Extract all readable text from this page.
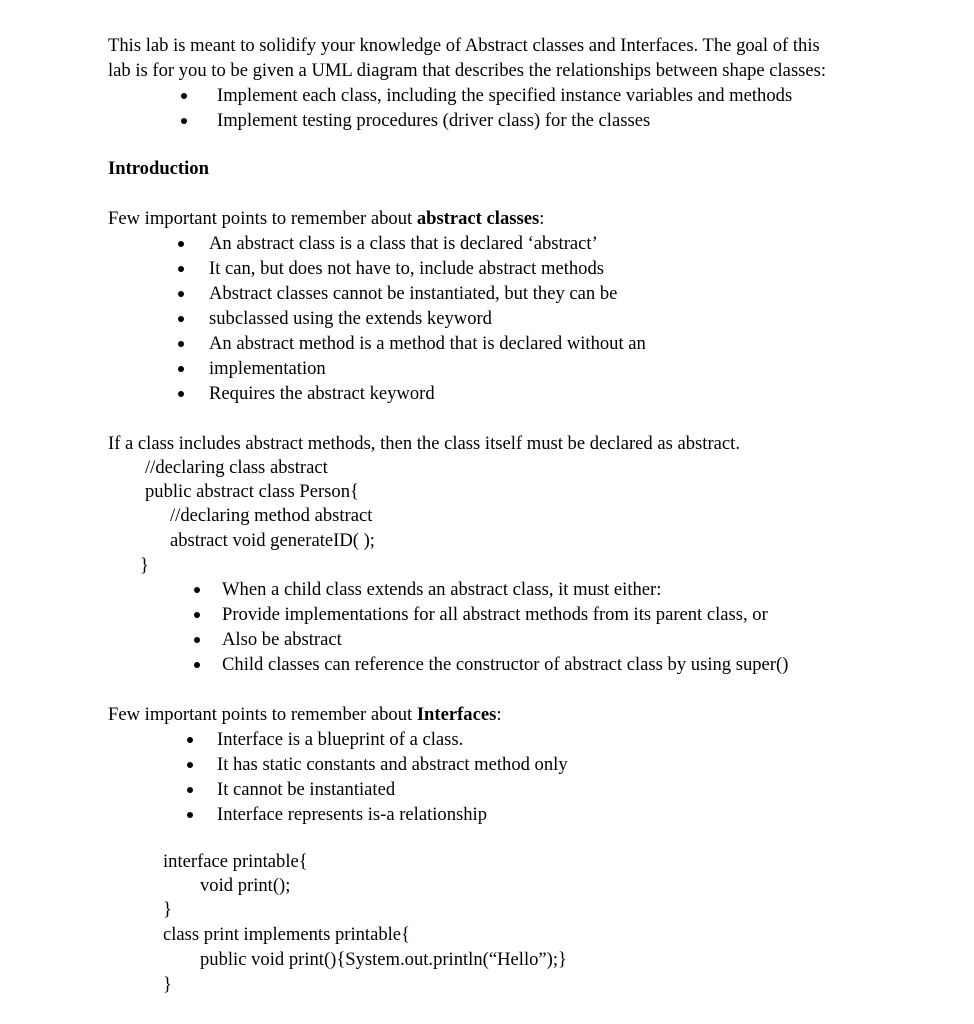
This lab is meant to solidify your knowledge of Abstract classes and Interfaces. The goal of this
lab is for you to be given a UML diagram that describes the relationships between shape classes:
Implement each class, including the specified instance variables and methods
Implement testing procedures (driver class) for the classes
Introduction
Few important points to remember about abstract classes:
An abstract class is a class that is declared ‘abstract’
It can, but does not have to, include abstract methods
Abstract classes cannot be instantiated, but they can be
subclassed using the extends keyword
An abstract method is a method that is declared without an
implementation
Requires the abstract keyword
If a class includes abstract methods, then the class itself must be declared as abstract.
//declaring class abstract
public abstract class Person{
//declaring method abstract
abstract void generateID( );
}
When a child class extends an abstract class, it must either:
Provide implementations for all abstract methods from its parent class, or
Also be abstract
Child classes can reference the constructor of abstract class by using super()
Few important points to remember about Interfaces:
Interface is a blueprint of a class.
It has static constants and abstract method only
It cannot be instantiated
Interface represents is-a relationship
interface printable{
void print();
}
class print implements printable{
public void print(){System.out.println(“Hello”);}
}
